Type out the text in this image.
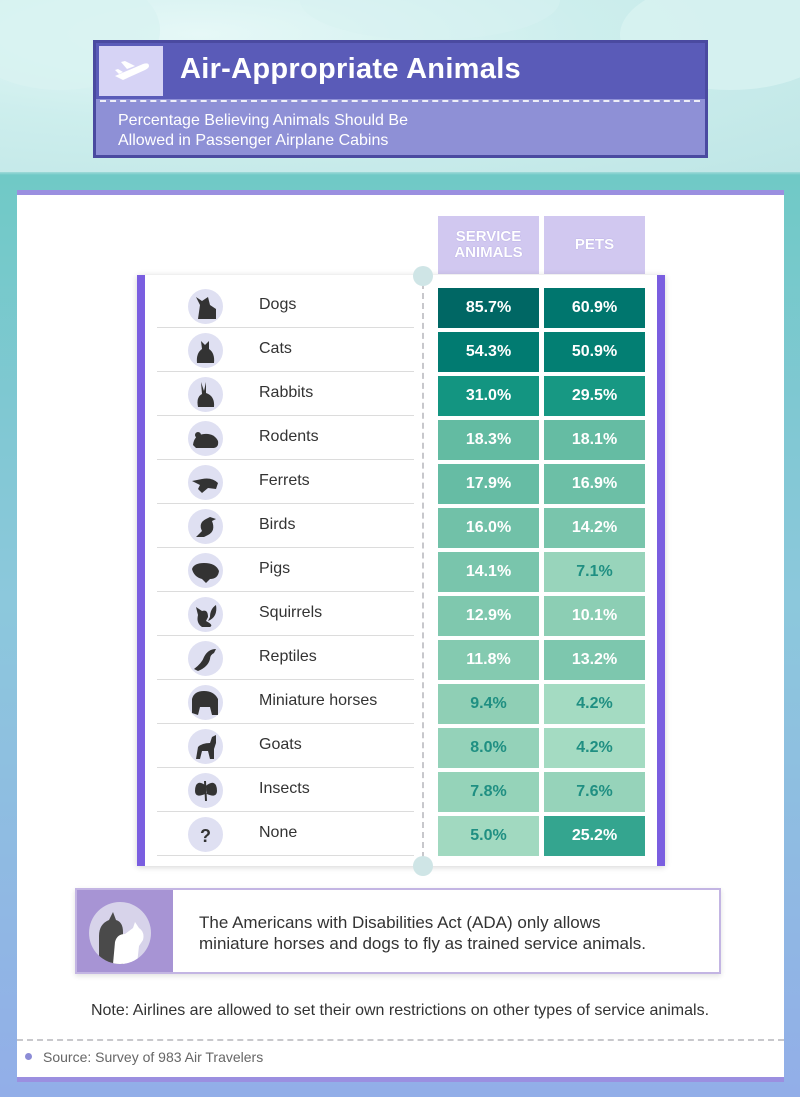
Air-Appropriate Animals
Percentage Believing Animals Should Be
Allowed in Passenger Airplane Cabins
SERVICE
ANIMALS	PETS
Dogs	85.7%	60.9%
Cats	54.3%	50.9%
Rabbits	31.0%	29.5%
Rodents	18.3%	18.1%
Ferrets	17.9%	16.9%
Birds	16.0%	14.2%
Pigs	14.1%	7.1%
Squirrels	12.9%	10.1%
Reptiles	11.8%	13.2%
Miniature horses	9.4%	4.2%
Goats	8.0%	4.2%
Insects	7.8%	7.6%
?	None	5.0%	25.2%
The Americans with Disabilities Act (ADA) only allows
miniature horses and dogs to fly as trained service animals.
Note: Airlines are allowed to set their own restrictions on other types of service animals.
Source: Survey of 983 Air Travelers
